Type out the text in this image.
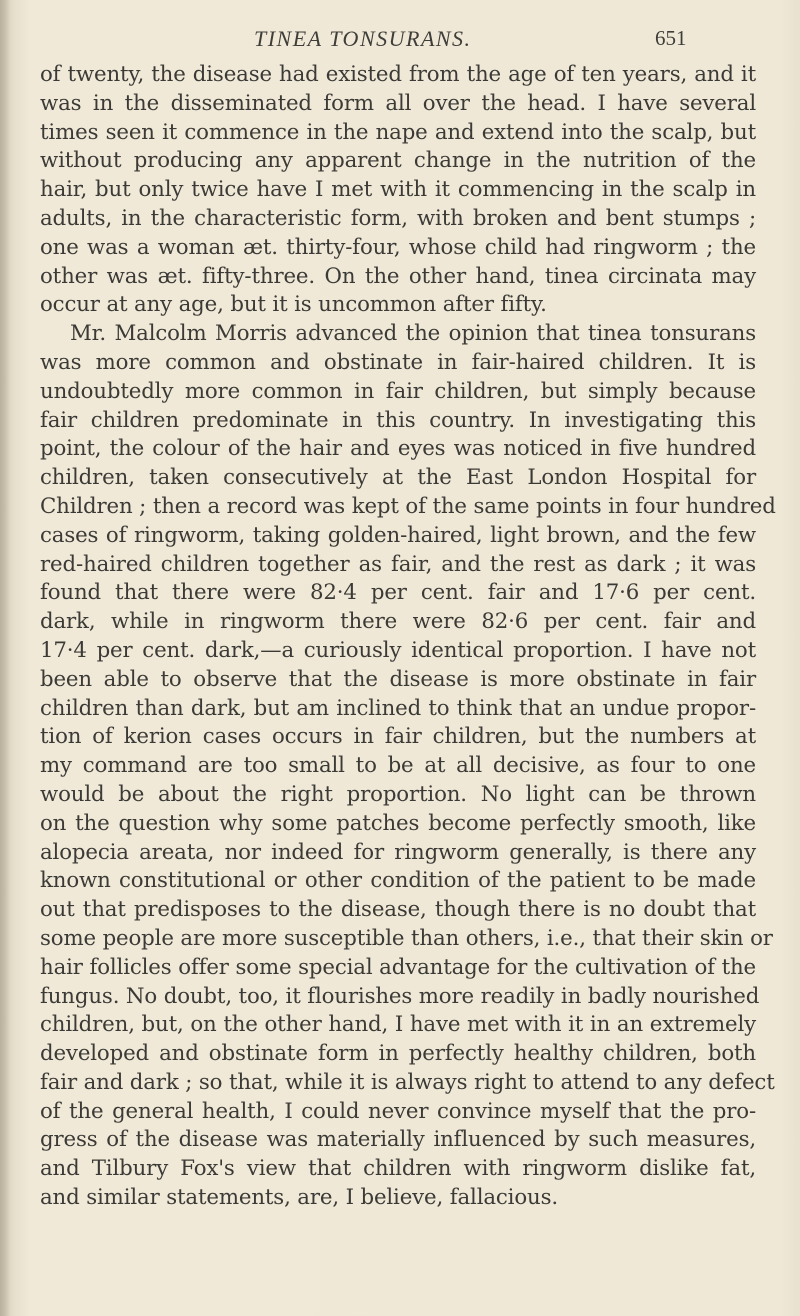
TINEA TONSURANS.	651
of twenty, the disease had existed from the age of ten years, and it
was in the disseminated form all over the head. I have several
times seen it commence in the nape and extend into the scalp, but
without producing any apparent change in the nutrition of the
hair, but only twice have I met with it commencing in the scalp in
adults, in the characteristic form, with broken and bent stumps ;
one was a woman æt. thirty-four, whose child had ringworm ; the
other was æt. fifty-three. On the other hand, tinea circinata may
occur at any age, but it is uncommon after fifty.
Mr. Malcolm Morris advanced the opinion that tinea tonsurans
was more common and obstinate in fair-haired children. It is
undoubtedly more common in fair children, but simply because
fair children predominate in this country. In investigating this
point, the colour of the hair and eyes was noticed in five hundred
children, taken consecutively at the East London Hospital for
Children ; then a record was kept of the same points in four hundred
cases of ringworm, taking golden-haired, light brown, and the few
red-haired children together as fair, and the rest as dark ; it was
found that there were 82·4 per cent. fair and 17·6 per cent.
dark, while in ringworm there were 82·6 per cent. fair and
17·4 per cent. dark,—a curiously identical proportion. I have not
been able to observe that the disease is more obstinate in fair
children than dark, but am inclined to think that an undue propor-
tion of kerion cases occurs in fair children, but the numbers at
my command are too small to be at all decisive, as four to one
would be about the right proportion. No light can be thrown
on the question why some patches become perfectly smooth, like
alopecia areata, nor indeed for ringworm generally, is there any
known constitutional or other condition of the patient to be made
out that predisposes to the disease, though there is no doubt that
some people are more susceptible than others, i.e., that their skin or
hair follicles offer some special advantage for the cultivation of the
fungus. No doubt, too, it flourishes more readily in badly nourished
children, but, on the other hand, I have met with it in an extremely
developed and obstinate form in perfectly healthy children, both
fair and dark ; so that, while it is always right to attend to any defect
of the general health, I could never convince myself that the pro-
gress of the disease was materially influenced by such measures,
and Tilbury Fox's view that children with ringworm dislike fat,
and similar statements, are, I believe, fallacious.
